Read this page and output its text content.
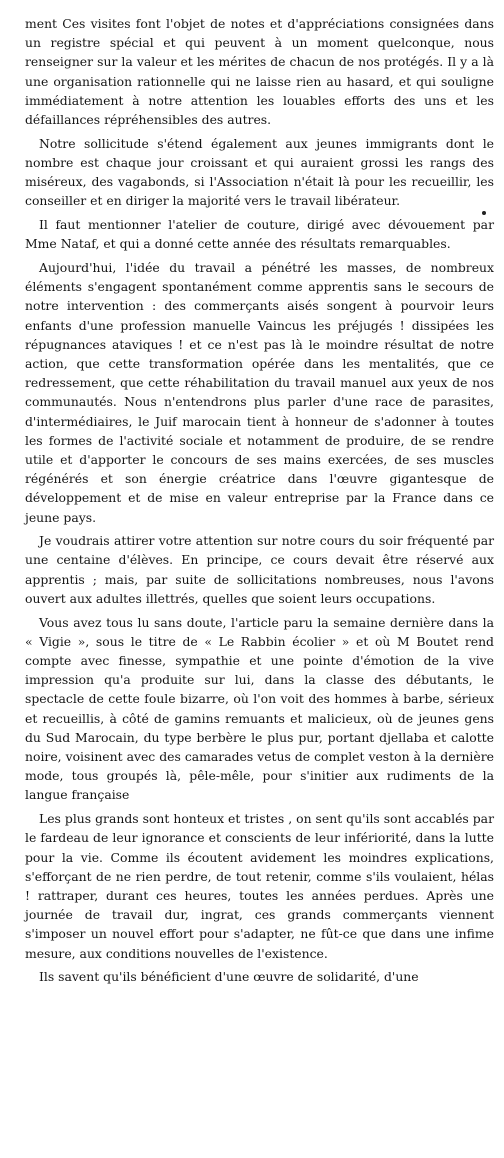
ment Ces visites font l'objet de notes et d'appréciations consignées dans un registre spécial et qui peuvent à un moment quelconque, nous renseigner sur la valeur et les mérites de chacun de nos protégés. Il y a là une organisation rationnelle qui ne laisse rien au hasard, et qui souligne immédiatement à notre attention les louables efforts des uns et les défaillances répréhensibles des autres.

Notre sollicitude s'étend également aux jeunes immigrants dont le nombre est chaque jour croissant et qui auraient grossi les rangs des miséreux, des vagabonds, si l'Association n'était là pour les recueillir, les conseiller et en diriger la majorité vers le travail libérateur.

Il faut mentionner l'atelier de couture, dirigé avec dévouement par Mme Nataf, et qui a donné cette année des résultats remarquables.

Aujourd'hui, l'idée du travail a pénétré les masses, de nombreux éléments s'engagent spontanément comme apprentis sans le secours de notre intervention : des commerçants aisés songent à pourvoir leurs enfants d'une profession manuelle Vaincus les préjugés ! dissipées les répugnances ataviques ! et ce n'est pas là le moindre résultat de notre action, que cette transformation opérée dans les mentalités, que ce redressement, que cette réhabilitation du travail manuel aux yeux de nos communautés. Nous n'entendrons plus parler d'une race de parasites, d'intermédiaires, le Juif marocain tient à honneur de s'adonner à toutes les formes de l'activité sociale et notamment de produire, de se rendre utile et d'apporter le concours de ses mains exercées, de ses muscles régénérés et son énergie créatrice dans l'œuvre gigantesque de développement et de mise en valeur entreprise par la France dans ce jeune pays.

Je voudrais attirer votre attention sur notre cours du soir fréquenté par une centaine d'élèves. En principe, ce cours devait être réservé aux apprentis ; mais, par suite de sollicitations nombreuses, nous l'avons ouvert aux adultes illettrés, quelles que soient leurs occupations.

Vous avez tous lu sans doute, l'article paru la semaine dernière dans la « Vigie », sous le titre de « Le Rabbin écolier » et où M Boutet rend compte avec finesse, sympathie et une pointe d'émotion de la vive impression qu'a produite sur lui, dans la classe des débutants, le spectacle de cette foule bizarre, où l'on voit des hommes à barbe, sérieux et recueillis, à côté de gamins remuants et malicieux, où de jeunes gens du Sud Marocain, du type berbère le plus pur, portant djellaba et calotte noire, voisinent avec des camarades vetus de complet veston à la dernière mode, tous groupés là, pêle-mêle, pour s'initier aux rudiments de la langue française

Les plus grands sont honteux et tristes , on sent qu'ils sont accablés par le fardeau de leur ignorance et conscients de leur infériorité, dans la lutte pour la vie. Comme ils écoutent avidement les moindres explications, s'efforçant de ne rien perdre, de tout retenir, comme s'ils voulaient, hélas ! rattraper, durant ces heures, toutes les années perdues. Après une journée de travail dur, ingrat, ces grands commerçants viennent s'imposer un nouvel effort pour s'adapter, ne fût-ce que dans une infime mesure, aux conditions nouvelles de l'existence.

Ils savent qu'ils bénéficient d'une œuvre de solidarité, d'une
